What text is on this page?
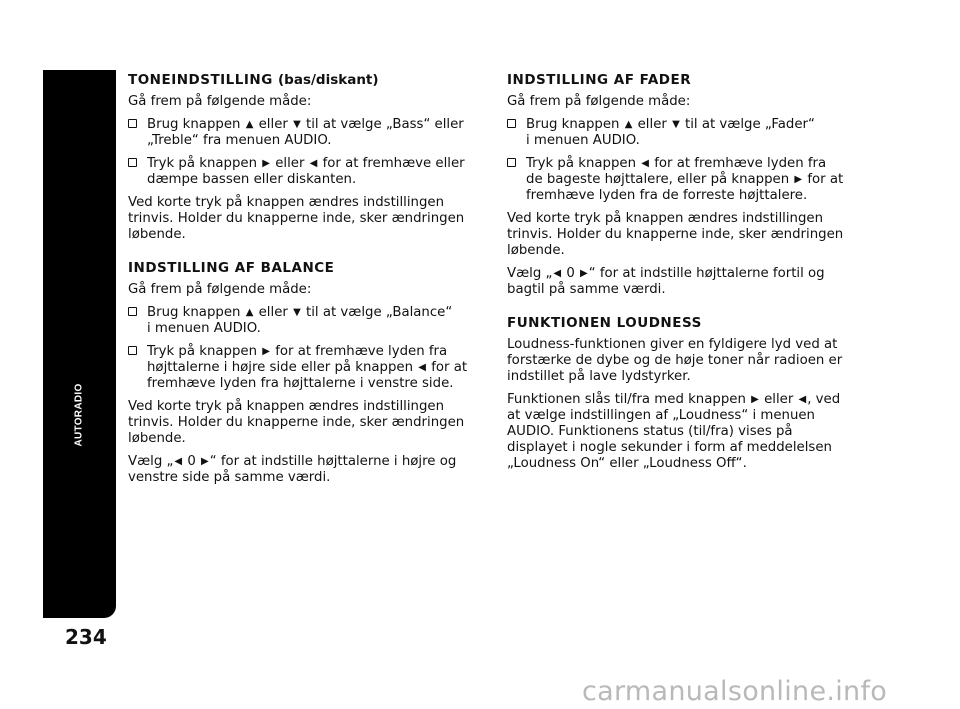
AUTORADIO
234
carmanualsonline.info
TONEINDSTILLING (bas/diskant)
Gå frem på følgende måde:
Brug knappen ▲ eller ▼ til at vælge „Bass“ eller
„Treble“ fra menuen AUDIO.
Tryk på knappen ▶ eller ◀ for at fremhæve eller
dæmpe bassen eller diskanten.
Ved korte tryk på knappen ændres indstillingen trinvis. Holder du knapperne inde, sker ændringen løbende.
INDSTILLING AF BALANCE
Gå frem på følgende måde:
Brug knappen ▲ eller ▼ til at vælge „Balance“
i menuen AUDIO.
Tryk på knappen ▶ for at fremhæve lyden fra
højttalerne i højre side eller på knappen ◀ for at
fremhæve lyden fra højttalerne i venstre side.
Ved korte tryk på knappen ændres indstillingen trinvis. Holder du knapperne inde, sker ændringen løbende.
Vælg „◀ 0 ▶“ for at indstille højttalerne i højre og venstre side på samme værdi.
INDSTILLING AF FADER
Gå frem på følgende måde:
Brug knappen ▲ eller ▼ til at vælge „Fader“
i menuen AUDIO.
Tryk på knappen ◀ for at fremhæve lyden fra
de bageste højttalere, eller på knappen ▶ for at
fremhæve lyden fra de forreste højttalere.
Ved korte tryk på knappen ændres indstillingen trinvis. Holder du knapperne inde, sker ændringen løbende.
Vælg „◀ 0 ▶“ for at indstille højttalerne fortil og bagtil på samme værdi.
FUNKTIONEN LOUDNESS
Loudness-funktionen giver en fyldigere lyd ved at forstærke de dybe og de høje toner når radioen er indstillet på lave lydstyrker.
Funktionen slås til/fra med knappen ▶ eller ◀, ved at vælge indstillingen af „Loudness“ i menuen AUDIO. Funktionens status (til/fra) vises på displayet i nogle sekunder i form af meddelelsen „Loudness On“ eller „Loudness Off“.
